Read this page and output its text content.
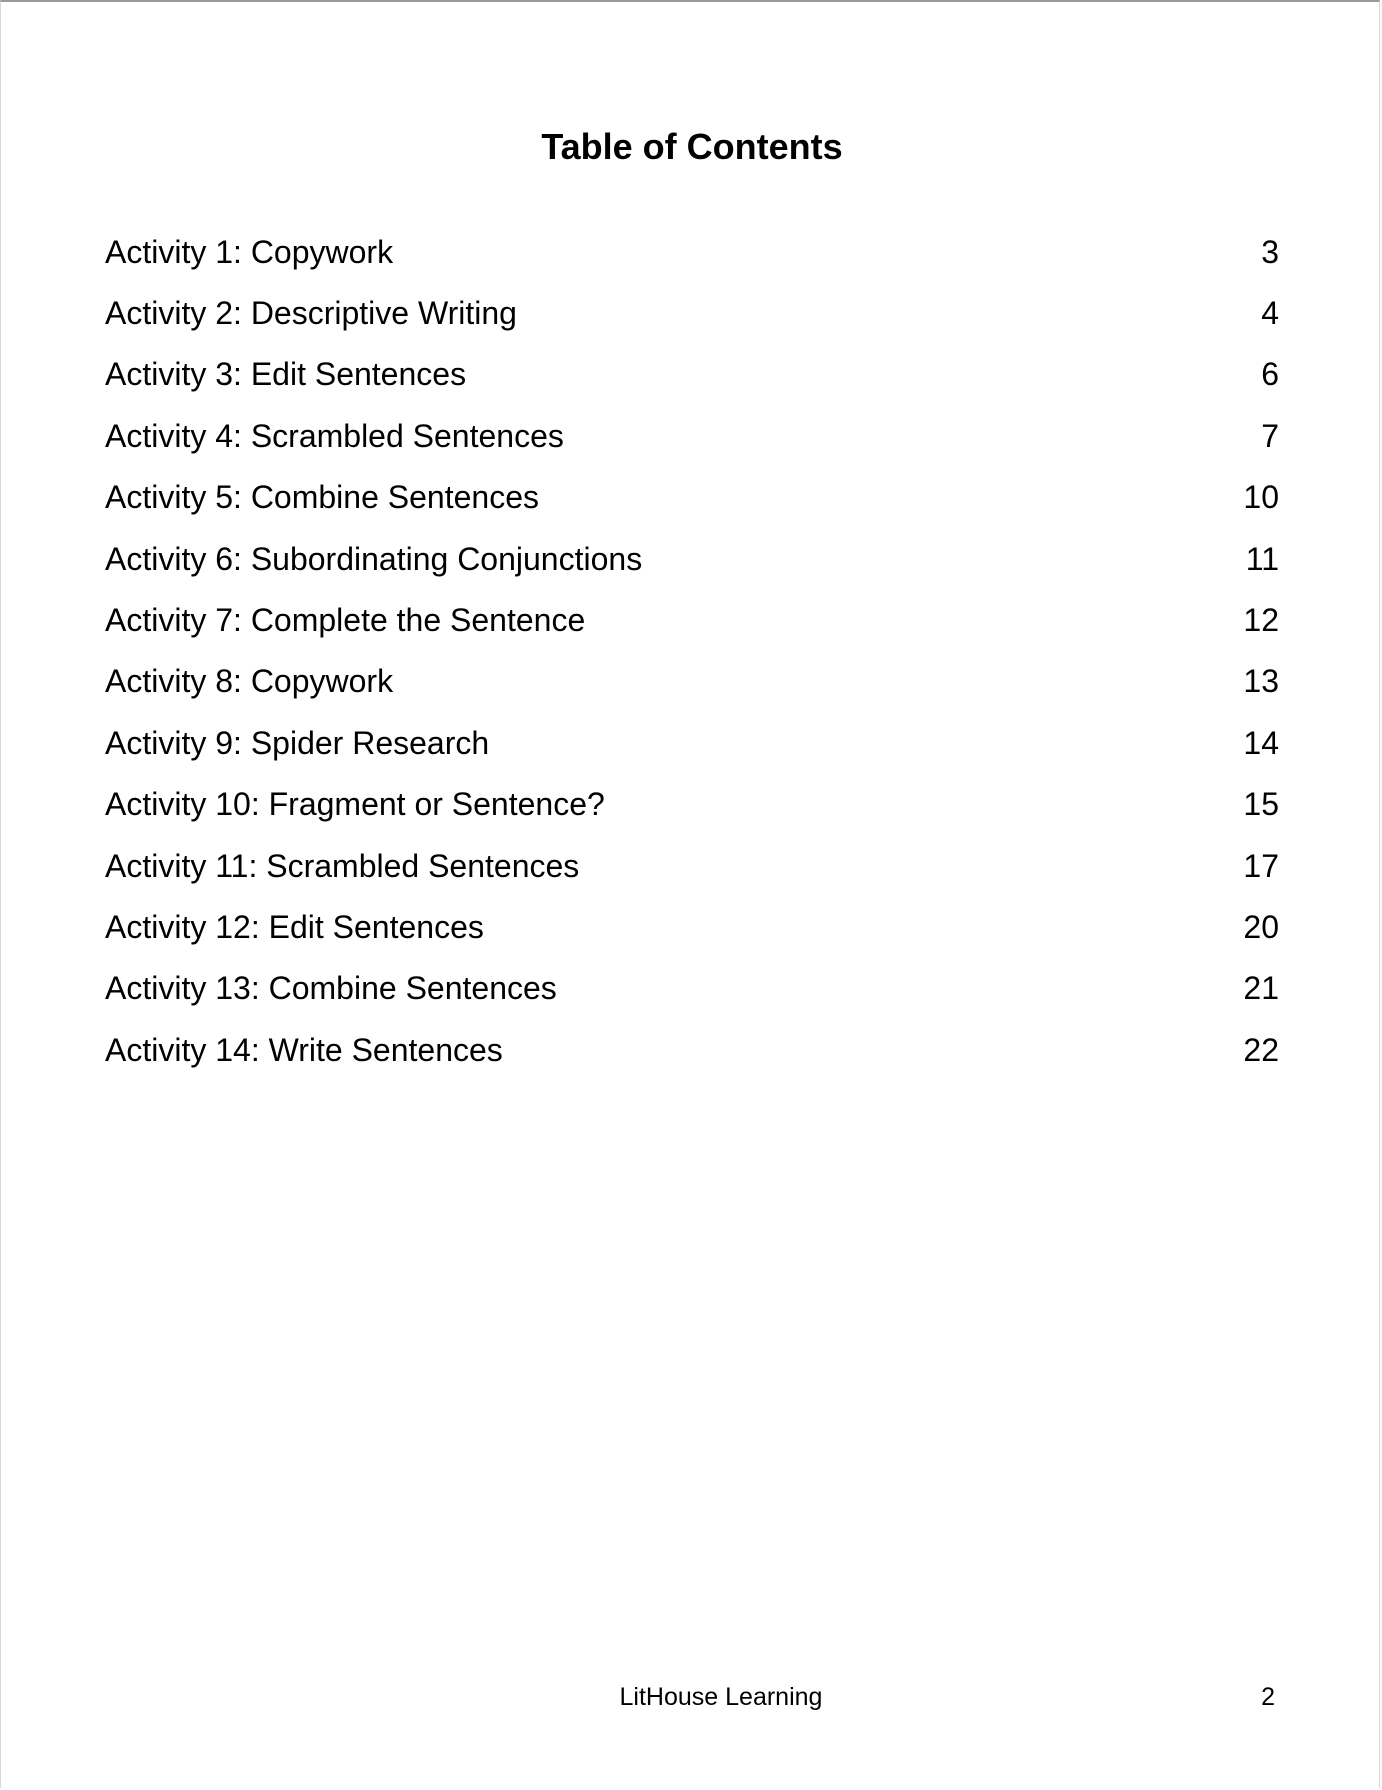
Table of Contents
Activity 1: Copywork	3
Activity 2: Descriptive Writing	4
Activity 3: Edit Sentences	6
Activity 4: Scrambled Sentences	7
Activity 5: Combine Sentences	10
Activity 6: Subordinating Conjunctions	11
Activity 7: Complete the Sentence	12
Activity 8: Copywork	13
Activity 9: Spider Research	14
Activity 10: Fragment or Sentence?	15
Activity 11: Scrambled Sentences	17
Activity 12: Edit Sentences	20
Activity 13: Combine Sentences	21
Activity 14: Write Sentences	22
LitHouse Learning	2
